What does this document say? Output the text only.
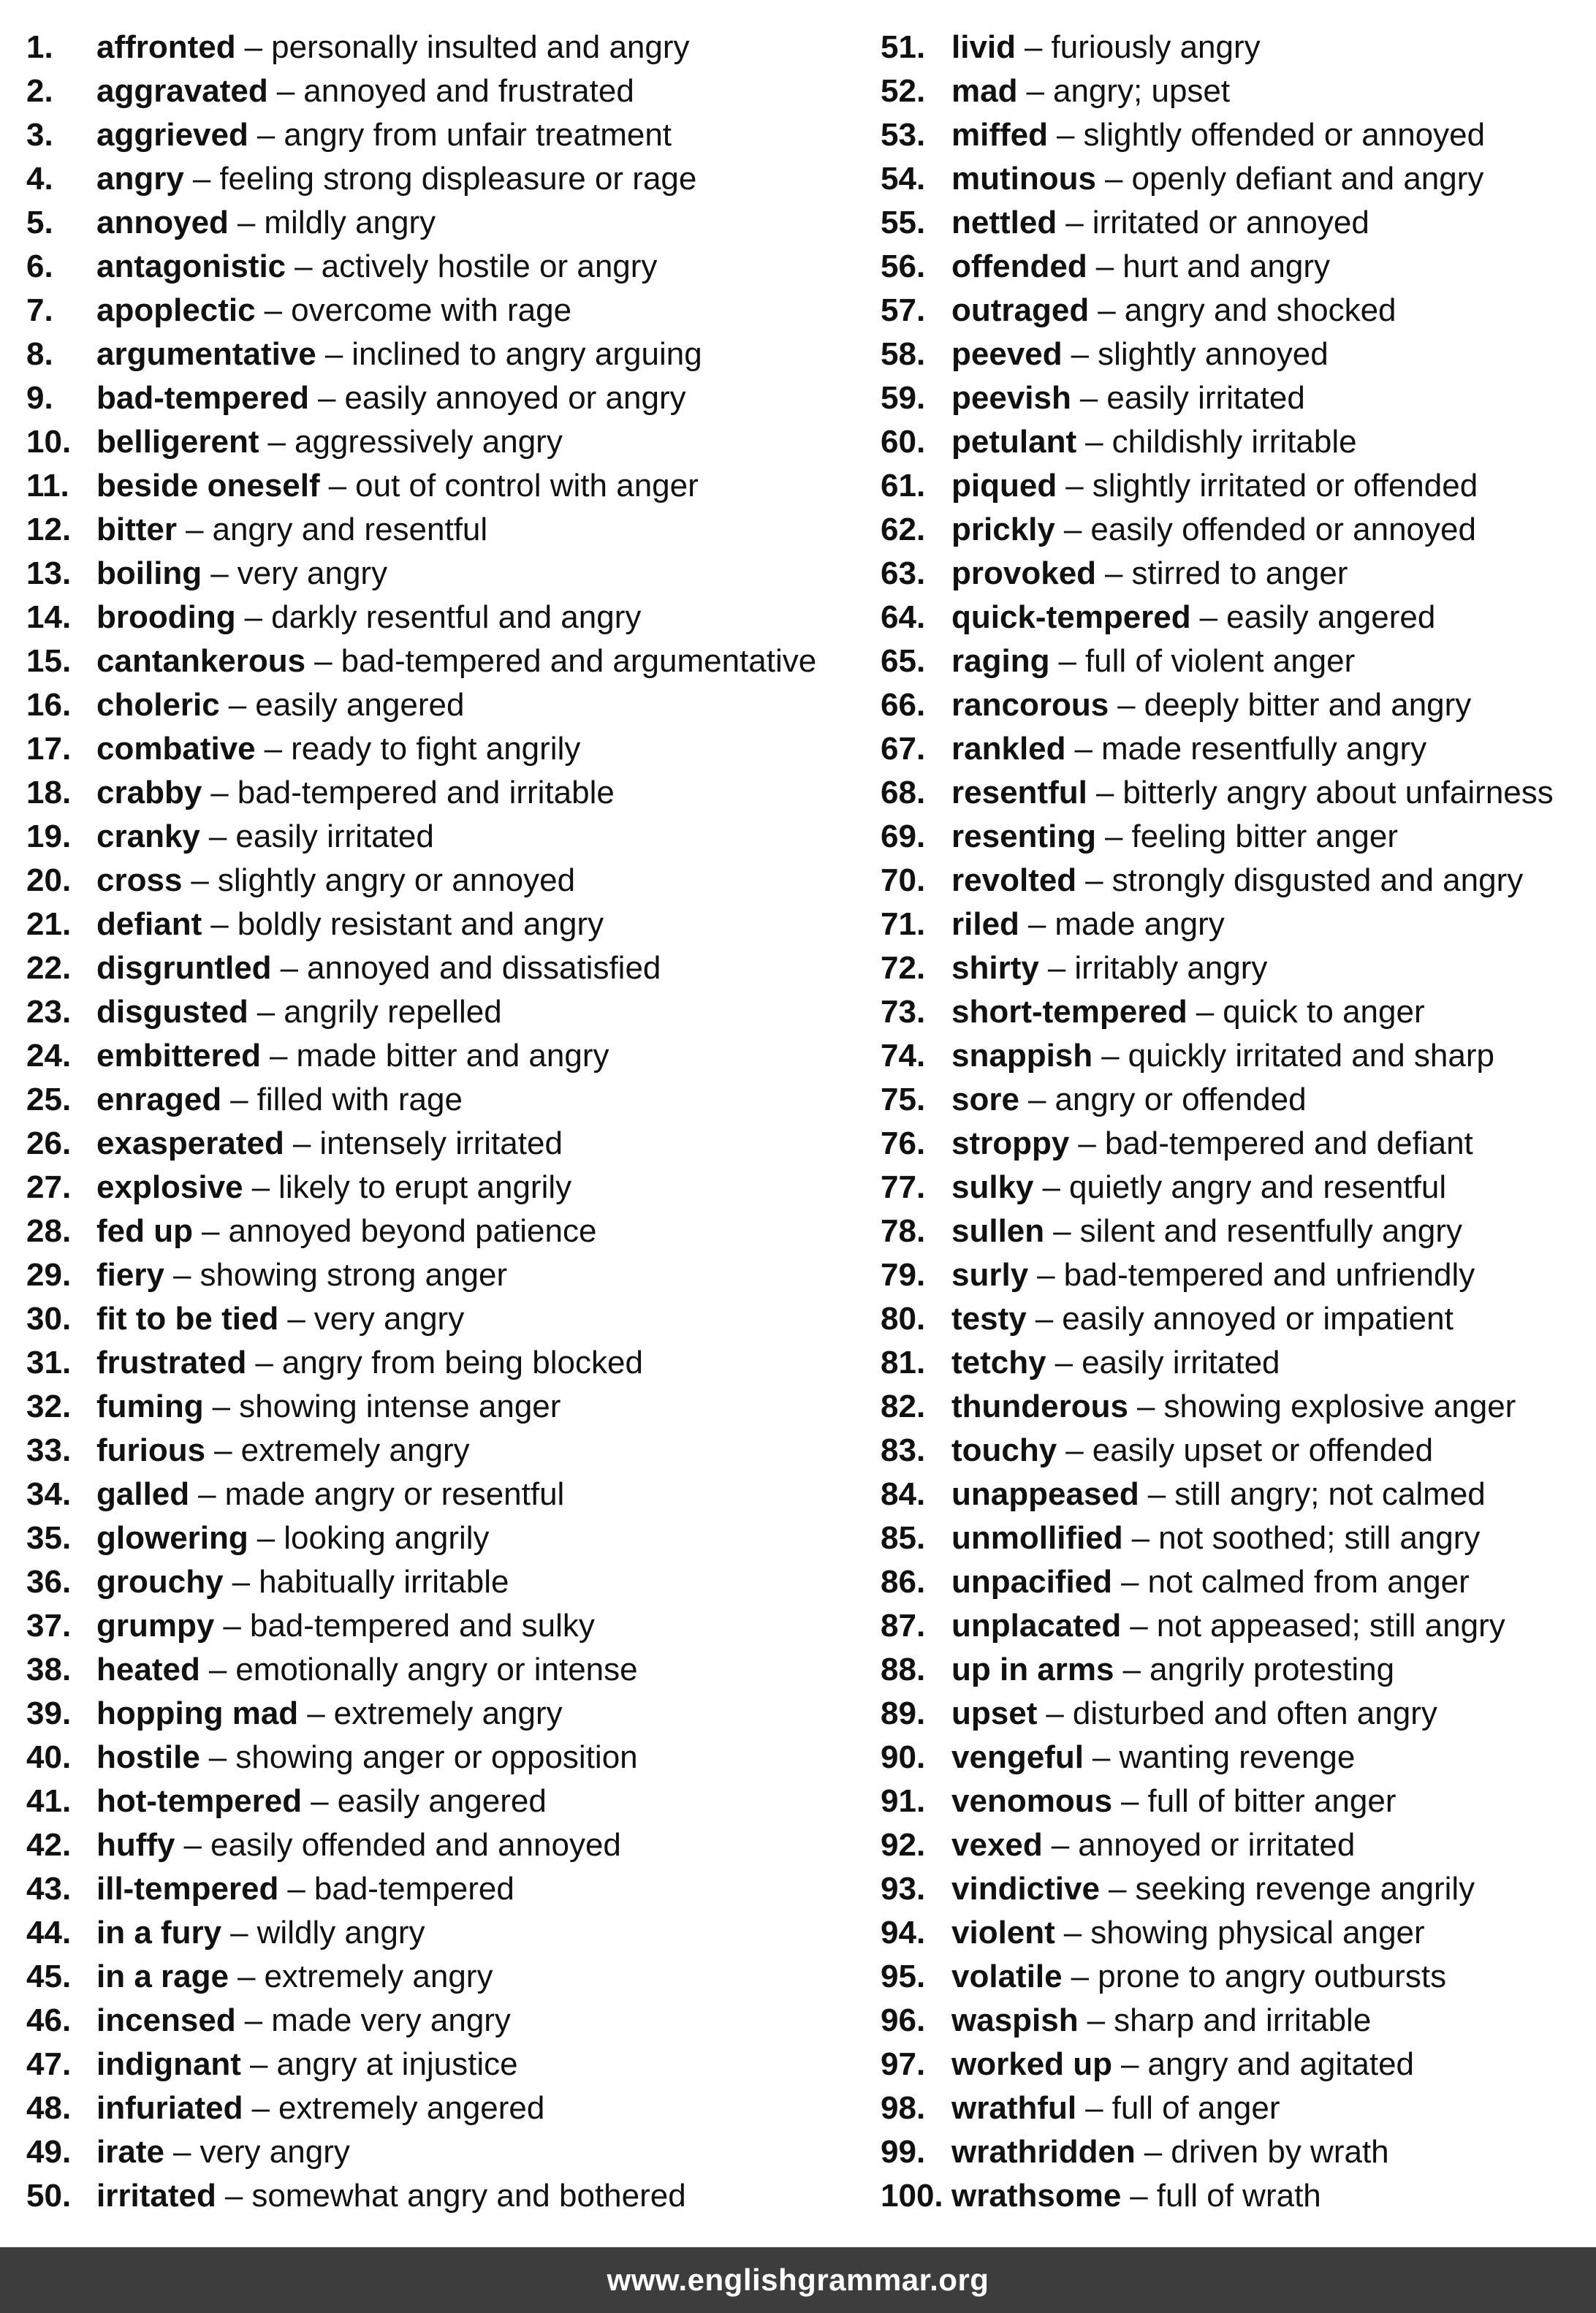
1.	affronted – personally insulted and angry
2.	aggravated – annoyed and frustrated
3.	aggrieved – angry from unfair treatment
4.	angry – feeling strong displeasure or rage
5.	annoyed – mildly angry
6.	antagonistic – actively hostile or angry
7.	apoplectic – overcome with rage
8.	argumentative – inclined to angry arguing
9.	bad-tempered – easily annoyed or angry
10. belligerent – aggressively angry
11. beside oneself – out of control with anger
12. bitter – angry and resentful
13. boiling – very angry
14. brooding – darkly resentful and angry
15. cantankerous – bad-tempered and argumentative
16. choleric – easily angered
17. combative – ready to fight angrily
18. crabby – bad-tempered and irritable
19. cranky – easily irritated
20. cross – slightly angry or annoyed
21. defiant – boldly resistant and angry
22. disgruntled – annoyed and dissatisfied
23. disgusted – angrily repelled
24. embittered – made bitter and angry
25. enraged – filled with rage
26. exasperated – intensely irritated
27. explosive – likely to erupt angrily
28. fed up – annoyed beyond patience
29. fiery – showing strong anger
30. fit to be tied – very angry
31. frustrated – angry from being blocked
32. fuming – showing intense anger
33. furious – extremely angry
34. galled – made angry or resentful
35. glowering – looking angrily
36. grouchy – habitually irritable
37. grumpy – bad-tempered and sulky
38. heated – emotionally angry or intense
39. hopping mad – extremely angry
40. hostile – showing anger or opposition
41. hot-tempered – easily angered
42. huffy – easily offended and annoyed
43. ill-tempered – bad-tempered
44. in a fury – wildly angry
45. in a rage – extremely angry
46. incensed – made very angry
47. indignant – angry at injustice
48. infuriated – extremely angered
49. irate – very angry
50. irritated – somewhat angry and bothered
51. livid – furiously angry
52. mad – angry; upset
53. miffed – slightly offended or annoyed
54. mutinous – openly defiant and angry
55. nettled – irritated or annoyed
56. offended – hurt and angry
57. outraged – angry and shocked
58. peeved – slightly annoyed
59. peevish – easily irritated
60. petulant – childishly irritable
61. piqued – slightly irritated or offended
62. prickly – easily offended or annoyed
63. provoked – stirred to anger
64. quick-tempered – easily angered
65. raging – full of violent anger
66. rancorous – deeply bitter and angry
67. rankled – made resentfully angry
68. resentful – bitterly angry about unfairness
69. resenting – feeling bitter anger
70. revolted – strongly disgusted and angry
71. riled – made angry
72. shirty – irritably angry
73. short-tempered – quick to anger
74. snappish – quickly irritated and sharp
75. sore – angry or offended
76. stroppy – bad-tempered and defiant
77. sulky – quietly angry and resentful
78. sullen – silent and resentfully angry
79. surly – bad-tempered and unfriendly
80. testy – easily annoyed or impatient
81. tetchy – easily irritated
82. thunderous – showing explosive anger
83. touchy – easily upset or offended
84. unappeased – still angry; not calmed
85. unmollified – not soothed; still angry
86. unpacified – not calmed from anger
87. unplacated – not appeased; still angry
88. up in arms – angrily protesting
89. upset – disturbed and often angry
90. vengeful – wanting revenge
91. venomous – full of bitter anger
92. vexed – annoyed or irritated
93. vindictive – seeking revenge angrily
94. violent – showing physical anger
95. volatile – prone to angry outbursts
96. waspish – sharp and irritable
97. worked up – angry and agitated
98. wrathful – full of anger
99. wrathridden – driven by wrath
100. wrathsome – full of wrath
www.englishgrammar.org
